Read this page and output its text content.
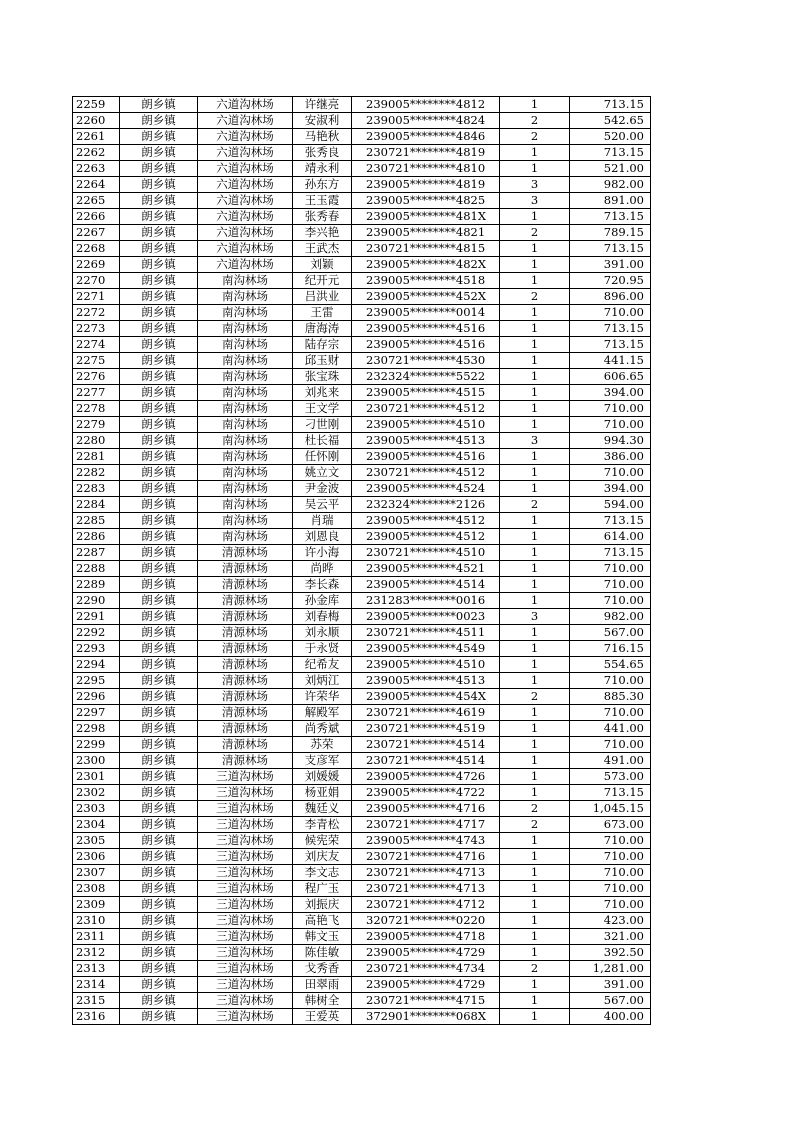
2259	朗乡镇	六道沟林场	许继亮	239005********4812	1	713.15
2260	朗乡镇	六道沟林场	安淑利	239005********4824	2	542.65
2261	朗乡镇	六道沟林场	马艳秋	239005********4846	2	520.00
2262	朗乡镇	六道沟林场	张秀良	230721********4819	1	713.15
2263	朗乡镇	六道沟林场	靖永利	230721********4810	1	521.00
2264	朗乡镇	六道沟林场	孙东方	239005********4819	3	982.00
2265	朗乡镇	六道沟林场	王玉霞	239005********4825	3	891.00
2266	朗乡镇	六道沟林场	张秀春	239005********481X	1	713.15
2267	朗乡镇	六道沟林场	李兴艳	239005********4821	2	789.15
2268	朗乡镇	六道沟林场	王武杰	230721********4815	1	713.15
2269	朗乡镇	六道沟林场	刘颖	239005********482X	1	391.00
2270	朗乡镇	南沟林场	纪开元	239005********4518	1	720.95
2271	朗乡镇	南沟林场	吕洪业	239005********452X	2	896.00
2272	朗乡镇	南沟林场	王雷	239005********0014	1	710.00
2273	朗乡镇	南沟林场	唐海涛	239005********4516	1	713.15
2274	朗乡镇	南沟林场	陆存宗	239005********4516	1	713.15
2275	朗乡镇	南沟林场	邱玉财	230721********4530	1	441.15
2276	朗乡镇	南沟林场	张宝珠	232324********5522	1	606.65
2277	朗乡镇	南沟林场	刘兆来	239005********4515	1	394.00
2278	朗乡镇	南沟林场	王文学	230721********4512	1	710.00
2279	朗乡镇	南沟林场	刁世刚	239005********4510	1	710.00
2280	朗乡镇	南沟林场	杜长福	239005********4513	3	994.30
2281	朗乡镇	南沟林场	任怀刚	239005********4516	1	386.00
2282	朗乡镇	南沟林场	姚立文	230721********4512	1	710.00
2283	朗乡镇	南沟林场	尹金波	239005********4524	1	394.00
2284	朗乡镇	南沟林场	吴云平	232324********2126	2	594.00
2285	朗乡镇	南沟林场	肖瑞	239005********4512	1	713.15
2286	朗乡镇	南沟林场	刘恩良	239005********4512	1	614.00
2287	朗乡镇	清源林场	许小海	230721********4510	1	713.15
2288	朗乡镇	清源林场	尚晔	239005********4521	1	710.00
2289	朗乡镇	清源林场	李长森	239005********4514	1	710.00
2290	朗乡镇	清源林场	孙金库	231283********0016	1	710.00
2291	朗乡镇	清源林场	刘春梅	239005********0023	3	982.00
2292	朗乡镇	清源林场	刘永顺	230721********4511	1	567.00
2293	朗乡镇	清源林场	于永贤	239005********4549	1	716.15
2294	朗乡镇	清源林场	纪希友	239005********4510	1	554.65
2295	朗乡镇	清源林场	刘炳江	239005********4513	1	710.00
2296	朗乡镇	清源林场	许荣华	239005********454X	2	885.30
2297	朗乡镇	清源林场	解殿军	230721********4619	1	710.00
2298	朗乡镇	清源林场	尚秀斌	230721********4519	1	441.00
2299	朗乡镇	清源林场	苏荣	230721********4514	1	710.00
2300	朗乡镇	清源林场	支彦军	230721********4514	1	491.00
2301	朗乡镇	三道沟林场	刘媛媛	239005********4726	1	573.00
2302	朗乡镇	三道沟林场	杨亚娟	239005********4722	1	713.15
2303	朗乡镇	三道沟林场	魏廷义	239005********4716	2	1,045.15
2304	朗乡镇	三道沟林场	李青松	230721********4717	2	673.00
2305	朗乡镇	三道沟林场	候宪荣	239005********4743	1	710.00
2306	朗乡镇	三道沟林场	刘庆友	230721********4716	1	710.00
2307	朗乡镇	三道沟林场	李文志	230721********4713	1	710.00
2308	朗乡镇	三道沟林场	程广玉	230721********4713	1	710.00
2309	朗乡镇	三道沟林场	刘振庆	230721********4712	1	710.00
2310	朗乡镇	三道沟林场	高艳飞	320721********0220	1	423.00
2311	朗乡镇	三道沟林场	韩文玉	239005********4718	1	321.00
2312	朗乡镇	三道沟林场	陈佳敏	239005********4729	1	392.50
2313	朗乡镇	三道沟林场	戈秀香	230721********4734	2	1,281.00
2314	朗乡镇	三道沟林场	田翠雨	239005********4729	1	391.00
2315	朗乡镇	三道沟林场	韩树全	230721********4715	1	567.00
2316	朗乡镇	三道沟林场	王爱英	372901********068X	1	400.00
